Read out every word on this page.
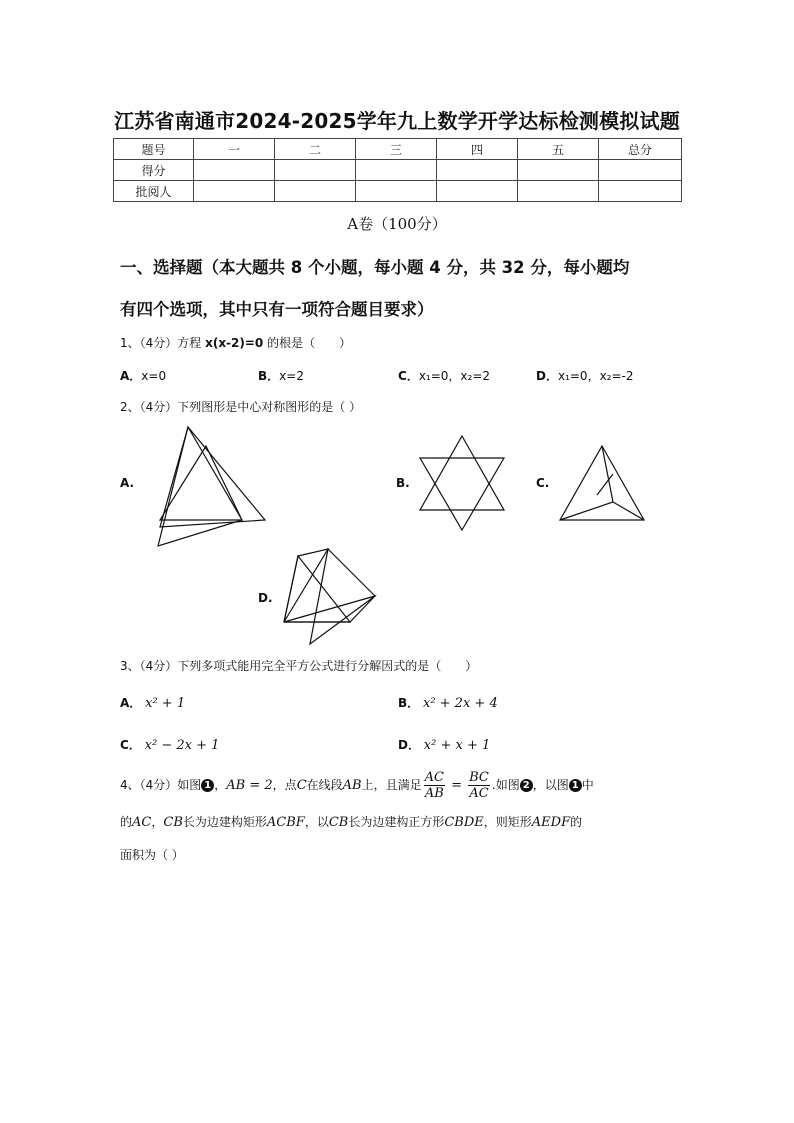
江苏省南通市2024-2025学年九上数学开学达标检测模拟试题
题号	一	二	三	四	五	总分
得分						
批阅人						
A卷（100分）
一、选择题（本大题共 8 个小题，每小题 4 分，共 32 分，每小题均
有四个选项，其中只有一项符合题目要求）
1、（4分）方程 x(x-2)=0 的根是（　　）
A．x=0	B．x=2	C．x₁=0，x₂=2	D．x₁=0，x₂=-2
2、（4分）下列图形是中心对称图形的是（ ）
A.	B.	C.
D.
3、（4分）下列多项式能用完全平方公式进行分解因式的是（　　）
A． x² + 1	B． x² + 2x + 4
C． x² − 2x + 1	D． x² + x + 1
4、（4分）如图 1 ，AB = 2，点C在线段AB上，且满足 $\frac{AC}{AB} = \frac{BC}{AC}$ .如图 2 ，以图 1 中
的AC，CB长为边建构矩形ACBF，以CB长为边建构正方形CBDE，则矩形AEDF的
面积为（ ）
